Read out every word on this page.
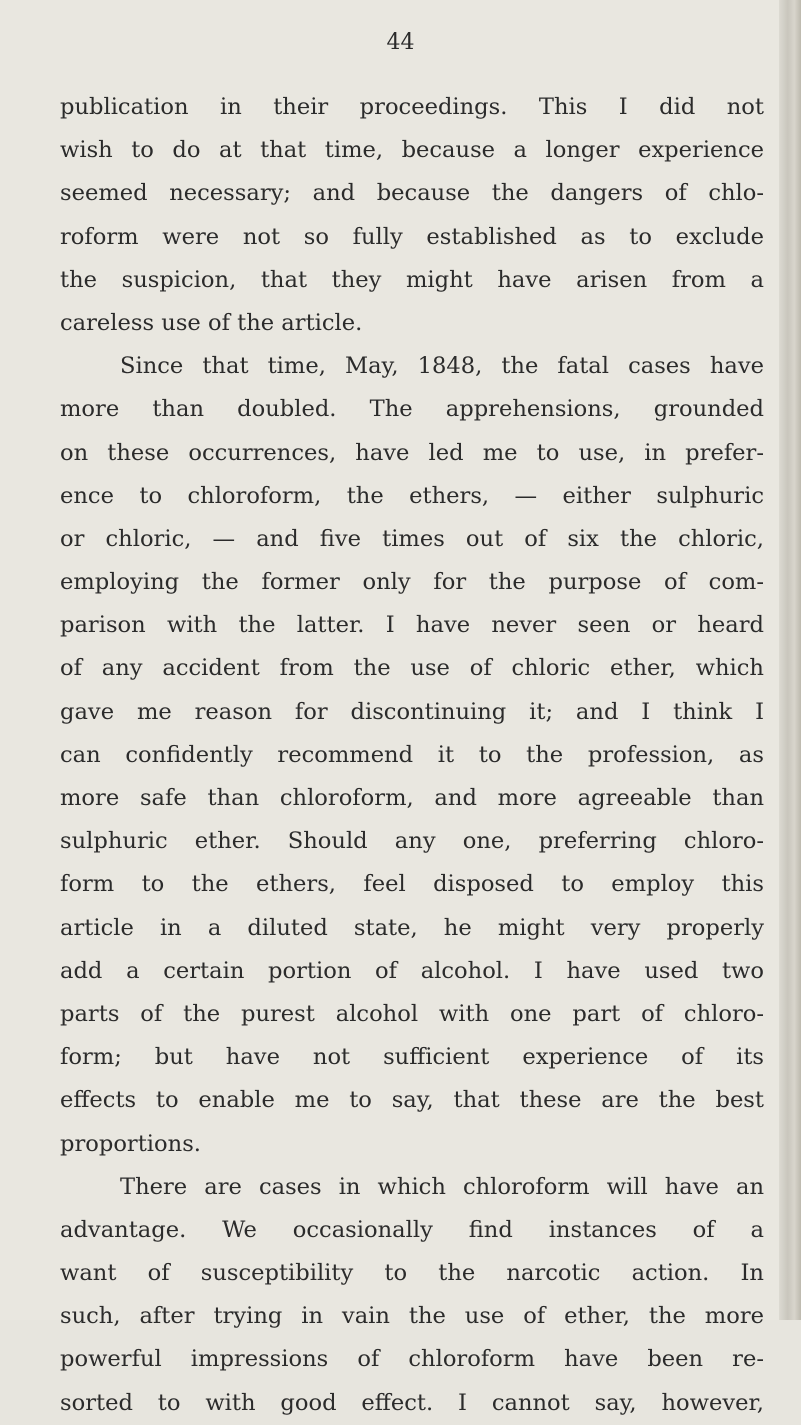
44
publication in their proceedings. This I did not
wish to do at that time, because a longer experience
seemed necessary; and because the dangers of chlo-
roform were not so fully established as to exclude
the suspicion, that they might have arisen from a
careless use of the article.
Since that time, May, 1848, the fatal cases have
more than doubled. The apprehensions, grounded
on these occurrences, have led me to use, in prefer-
ence to chloroform, the ethers, — either sulphuric
or chloric, — and five times out of six the chloric,
employing the former only for the purpose of com-
parison with the latter. I have never seen or heard
of any accident from the use of chloric ether, which
gave me reason for discontinuing it; and I think I
can confidently recommend it to the profession, as
more safe than chloroform, and more agreeable than
sulphuric ether. Should any one, preferring chloro-
form to the ethers, feel disposed to employ this
article in a diluted state, he might very properly
add a certain portion of alcohol. I have used two
parts of the purest alcohol with one part of chloro-
form; but have not sufficient experience of its
effects to enable me to say, that these are the best
proportions.
There are cases in which chloroform will have an
advantage. We occasionally find instances of a
want of susceptibility to the narcotic action. In
such, after trying in vain the use of ether, the more
powerful impressions of chloroform have been re-
sorted to with good effect. I cannot say, however,
